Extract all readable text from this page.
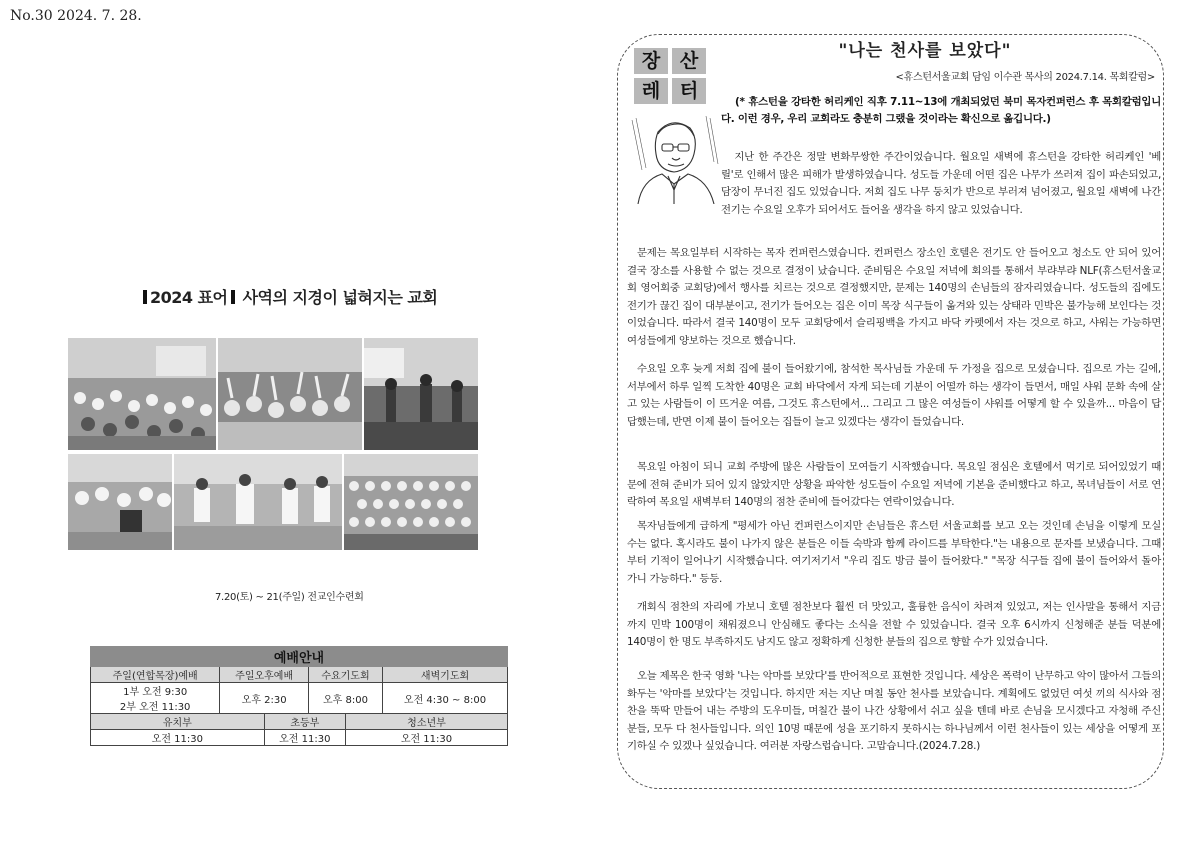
No.30 2024. 7. 28.
2024 표어 사역의 지경이 넓혀지는 교회
7.20(토) ~ 21(주일) 전교인수련회
예배안내					
주일(연합목장)예배	주일오후예배		수요기도회		새벽기도회

1부 오전 9:30
2부 오전 11:30	오후 2:30		오후 8:00		오전 4:30 ~ 8:00
유치부		초등부		청소년부	
오전 11:30		오전 11:30		오전 11:30	
장	산
레	터
"나는 천사를 보았다"
<휴스턴서울교회 담임 이수관 목사의 2024.7.14. 목회칼럼>
(* 휴스턴을 강타한 허리케인 직후 7.11~13에 개최되었던 북미 목자컨퍼런스 후 목회칼럼입니다. 이런 경우, 우리 교회라도 충분히 그랬을 것이라는 확신으로 옮깁니다.)
지난 한 주간은 정말 변화무쌍한 주간이었습니다. 월요일 새벽에 휴스턴을 강타한 허리케인 '베릴'로 인해서 많은 피해가 발생하였습니다. 성도들 가운데 어떤 집은 나무가 쓰러져 집이 파손되었고, 담장이 무너진 집도 있었습니다. 저희 집도 나무 둥치가 반으로 부러져 넘어졌고, 월요일 새벽에 나간 전기는 수요일 오후가 되어서도 들어올 생각을 하지 않고 있었습니다.
문제는 목요일부터 시작하는 목자 컨퍼런스였습니다. 컨퍼런스 장소인 호텔은 전기도 안 들어오고 청소도 안 되어 있어 결국 장소를 사용할 수 없는 것으로 결정이 났습니다. 준비팀은 수요일 저녁에 회의를 통해서 부랴부랴 NLF(휴스턴서울교회 영어회중 교회당)에서 행사를 치르는 것으로 결정했지만, 문제는 140명의 손님들의 잠자리였습니다. 성도들의 집에도 전기가 끊긴 집이 대부분이고, 전기가 들어오는 집은 이미 목장 식구들이 옮겨와 있는 상태라 민박은 불가능해 보인다는 것이었습니다. 따라서 결국 140명이 모두 교회당에서 슬리핑백을 가지고 바닥 카펫에서 자는 것으로 하고, 샤워는 가능하면 여성들에게 양보하는 것으로 했습니다.
수요일 오후 늦게 저희 집에 불이 들어왔기에, 참석한 목사님들 가운데 두 가정을 집으로 모셨습니다. 집으로 가는 길에, 서부에서 하루 일찍 도착한 40명은 교회 바닥에서 자게 되는데 기분이 어떨까 하는 생각이 들면서, 매일 샤워 문화 속에 살고 있는 사람들이 이 뜨거운 여름, 그것도 휴스턴에서... 그리고 그 많은 여성들이 샤워를 어떻게 할 수 있을까... 마음이 답답했는데, 반면 이제 불이 들어오는 집들이 늘고 있겠다는 생각이 들었습니다.
목요일 아침이 되니 교회 주방에 많은 사람들이 모여들기 시작했습니다. 목요일 점심은 호텔에서 먹기로 되어있었기 때문에 전혀 준비가 되어 있지 않았지만 상황을 파악한 성도들이 수요일 저녁에 기본을 준비했다고 하고, 목녀님들이 서로 연락하여 목요일 새벽부터 140명의 점찬 준비에 들어갔다는 연락이었습니다.
목자님들에게 급하게 "평세가 아닌 컨퍼런스이지만 손님들은 휴스턴 서울교회를 보고 오는 것인데 손님을 이렇게 모실 수는 없다. 혹시라도 불이 나가지 않은 분들은 이들 숙박과 함께 라이드를 부탁한다."는 내용으로 문자를 보냈습니다. 그때부터 기적이 일어나기 시작했습니다. 여기저기서 "우리 집도 방금 불이 들어왔다." "목장 식구들 집에 불이 들어와서 돌아가니 가능하다." 등등.
개회식 점찬의 자리에 가보니 호텔 점찬보다 훨씬 더 맛있고, 훌륭한 음식이 차려져 있었고, 저는 인사말을 통해서 지금까지 민박 100명이 채워졌으니 안심해도 좋다는 소식을 전할 수 있었습니다. 결국 오후 6시까지 신청해준 분들 덕분에 140명이 한 명도 부족하지도 남지도 않고 정확하게 신청한 분들의 집으로 향할 수가 있었습니다.
오늘 제목은 한국 영화 '나는 악마를 보았다'를 반어적으로 표현한 것입니다. 세상은 폭력이 난무하고 악이 많아서 그들의 화두는 '악마를 보았다'는 것입니다. 하지만 저는 지난 며칠 동안 천사를 보았습니다. 계획에도 없었던 여섯 끼의 식사와 점찬을 뚝딱 만들어 내는 주방의 도우미들, 며칠간 불이 나간 상황에서 쉬고 싶을 텐데 바로 손님을 모시겠다고 자청해 주신 분들, 모두 다 천사들입니다. 의인 10명 때문에 성을 포기하지 못하시는 하나님께서 이런 천사들이 있는 세상을 어떻게 포기하실 수 있겠나 싶었습니다. 여러분 자랑스럽습니다. 고맙습니다.(2024.7.28.)
